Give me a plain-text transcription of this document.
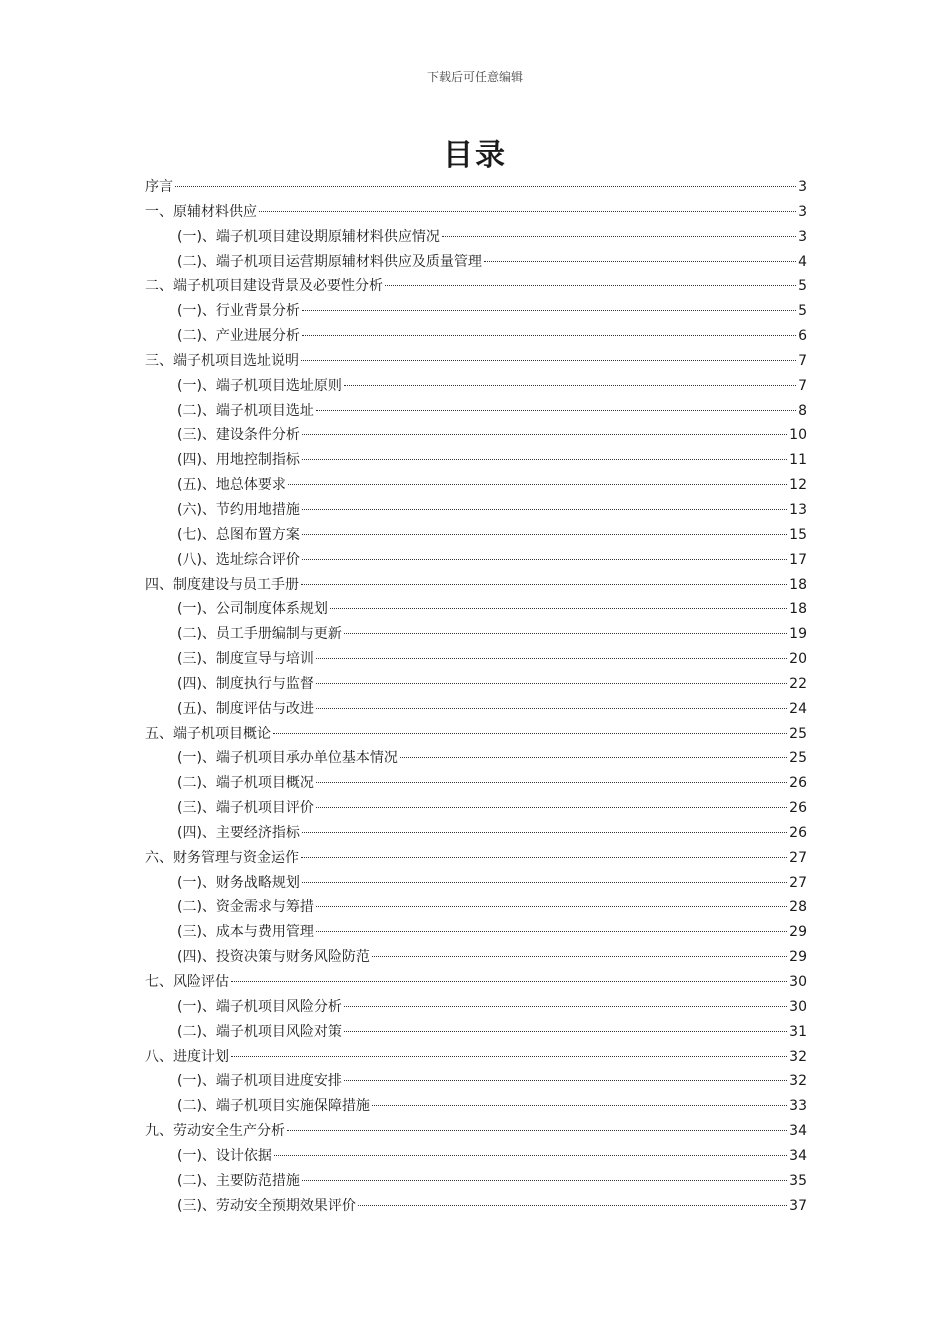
下载后可任意编辑
目录
序言	3
一、原辅材料供应	3
(一)、端子机项目建设期原辅材料供应情况	3
(二)、端子机项目运营期原辅材料供应及质量管理	4
二、端子机项目建设背景及必要性分析	5
(一)、行业背景分析	5
(二)、产业进展分析	6
三、端子机项目选址说明	7
(一)、端子机项目选址原则	7
(二)、端子机项目选址	8
(三)、建设条件分析	10
(四)、用地控制指标	11
(五)、地总体要求	12
(六)、节约用地措施	13
(七)、总图布置方案	15
(八)、选址综合评价	17
四、制度建设与员工手册	18
(一)、公司制度体系规划	18
(二)、员工手册编制与更新	19
(三)、制度宣导与培训	20
(四)、制度执行与监督	22
(五)、制度评估与改进	24
五、端子机项目概论	25
(一)、端子机项目承办单位基本情况	25
(二)、端子机项目概况	26
(三)、端子机项目评价	26
(四)、主要经济指标	26
六、财务管理与资金运作	27
(一)、财务战略规划	27
(二)、资金需求与筹措	28
(三)、成本与费用管理	29
(四)、投资决策与财务风险防范	29
七、风险评估	30
(一)、端子机项目风险分析	30
(二)、端子机项目风险对策	31
八、进度计划	32
(一)、端子机项目进度安排	32
(二)、端子机项目实施保障措施	33
九、劳动安全生产分析	34
(一)、设计依据	34
(二)、主要防范措施	35
(三)、劳动安全预期效果评价	37
